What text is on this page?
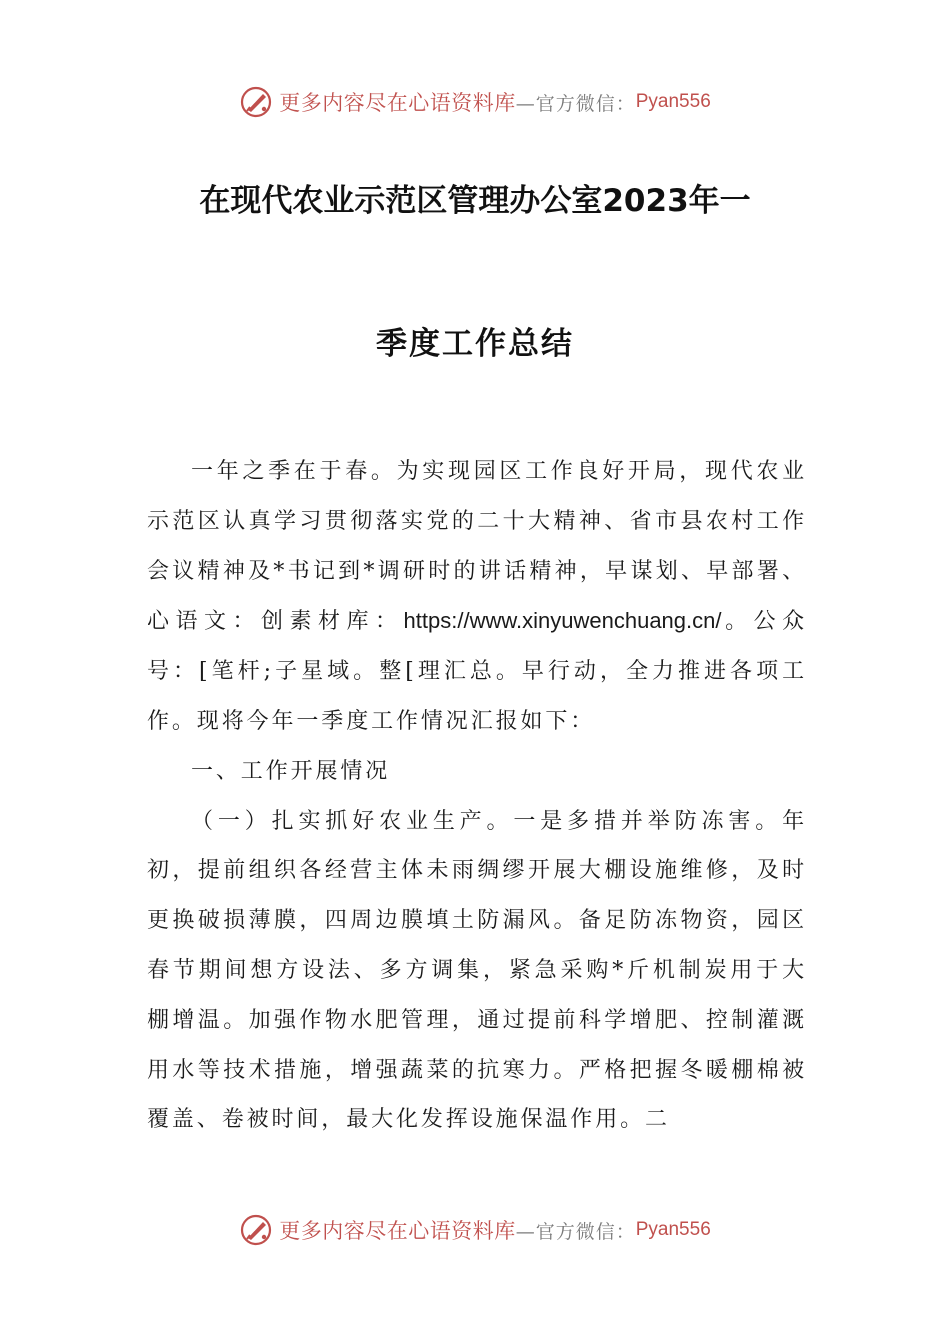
更多内容尽在心语资料库 —官方微信： Pyan556
在现代农业示范区管理办公室2023年一
季度工作总结

一年之季在于春。为实现园区工作良好开局，现代农业示范区认真学习贯彻落实党的二十大精神、省市县农村工作会议精神及*书记到*调研时的讲话精神，早谋划、早部署、心语文：创素材库：https://www.xinyuwenchuang.cn/。公众号：[笔杆;子星域。整[理汇总。早行动，全力推进各项工作。现将今年一季度工作情况汇报如下：

一、工作开展情况

（一）扎实抓好农业生产。一是多措并举防冻害。年初，提前组织各经营主体未雨绸缪开展大棚设施维修，及时更换破损薄膜，四周边膜填土防漏风。备足防冻物资，园区春节期间想方设法、多方调集，紧急采购*斤机制炭用于大棚增温。加强作物水肥管理，通过提前科学增肥、控制灌溉用水等技术措施，增强蔬菜的抗寒力。严格把握冬暖棚棉被覆盖、卷被时间，最大化发挥设施保温作用。二

更多内容尽在心语资料库 —官方微信： Pyan556
